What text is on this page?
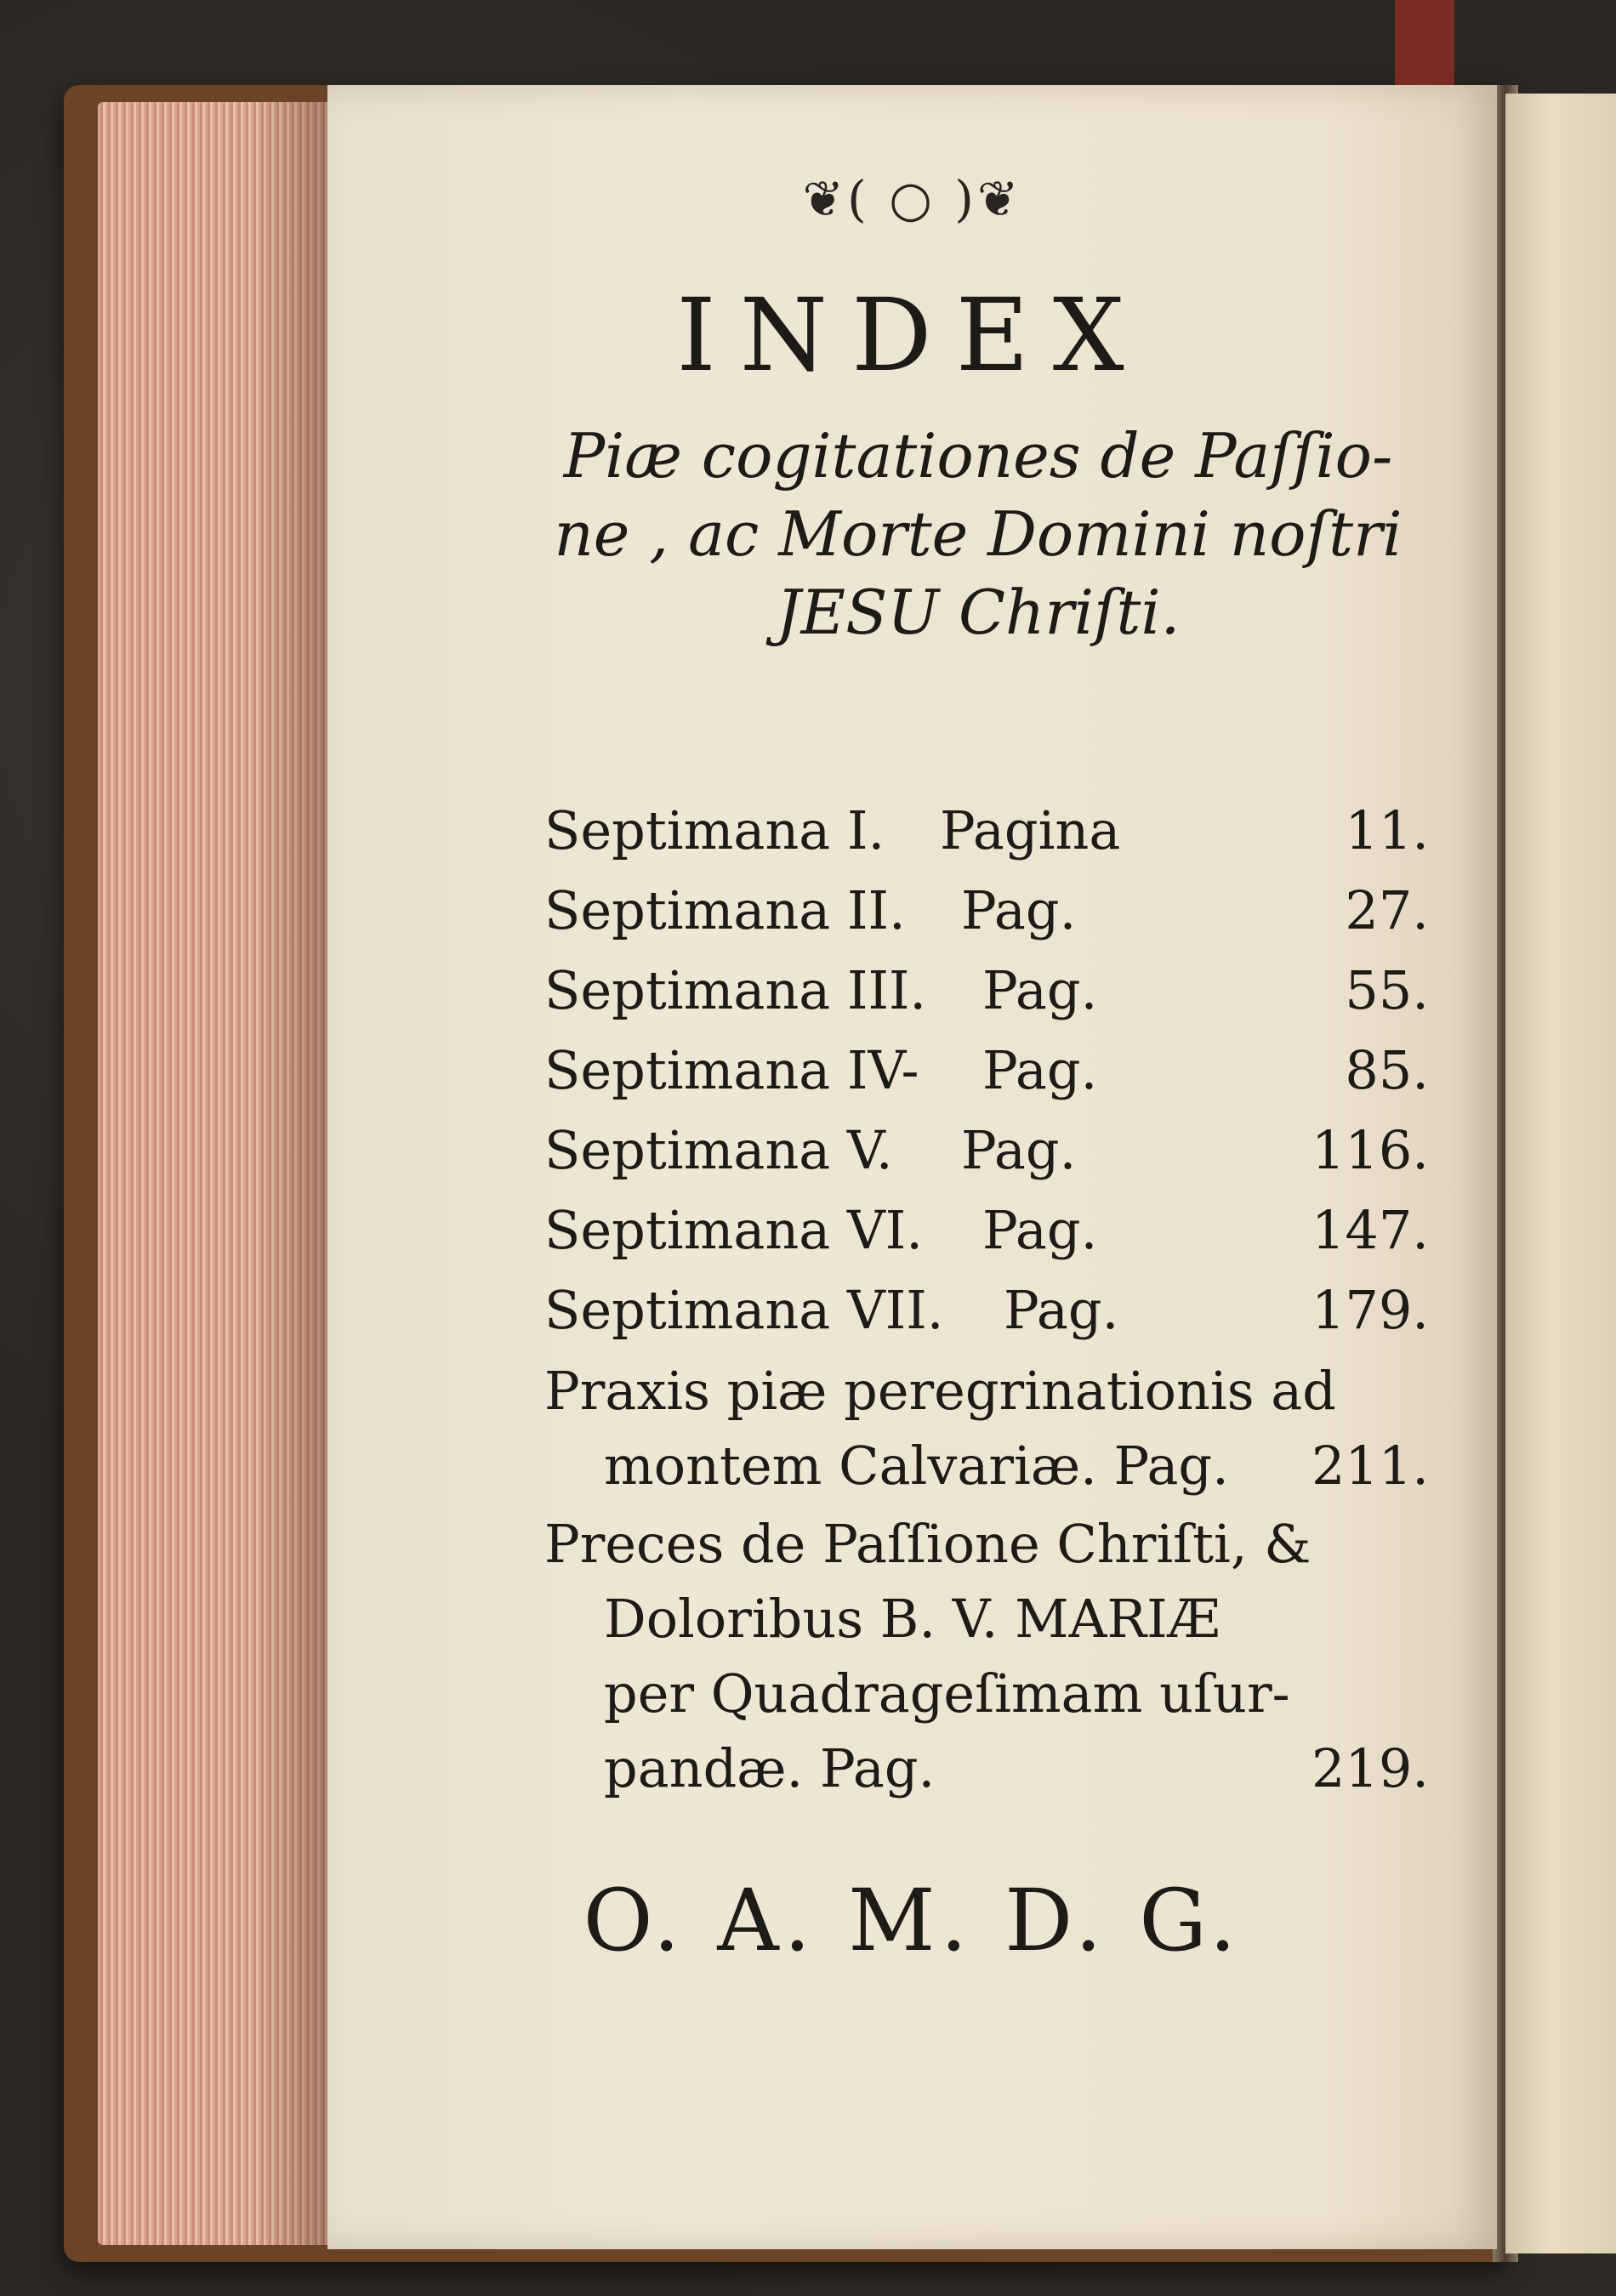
❦( ○ )❦
INDEX
Piæ cogitationes de Paſſio-
ne , ac Morte Domini noſtri
JESU Chriſti.
Septimana I. Pagina	11.
Septimana II. Pag.	27.
Septimana III. Pag.	55.
Septimana IV- Pag.	85.
Septimana V. Pag.	116.
Septimana VI. Pag.	147.
Septimana VII. Pag.	179.
Praxis piæ peregrinationis ad
montem Calvariæ. Pag. 211.
Preces de Paſſione Chriſti, &
Doloribus B. V. MARIÆ
per Quadrageſimam uſur-
pandæ. Pag.	219.
O. A. M. D. G.
